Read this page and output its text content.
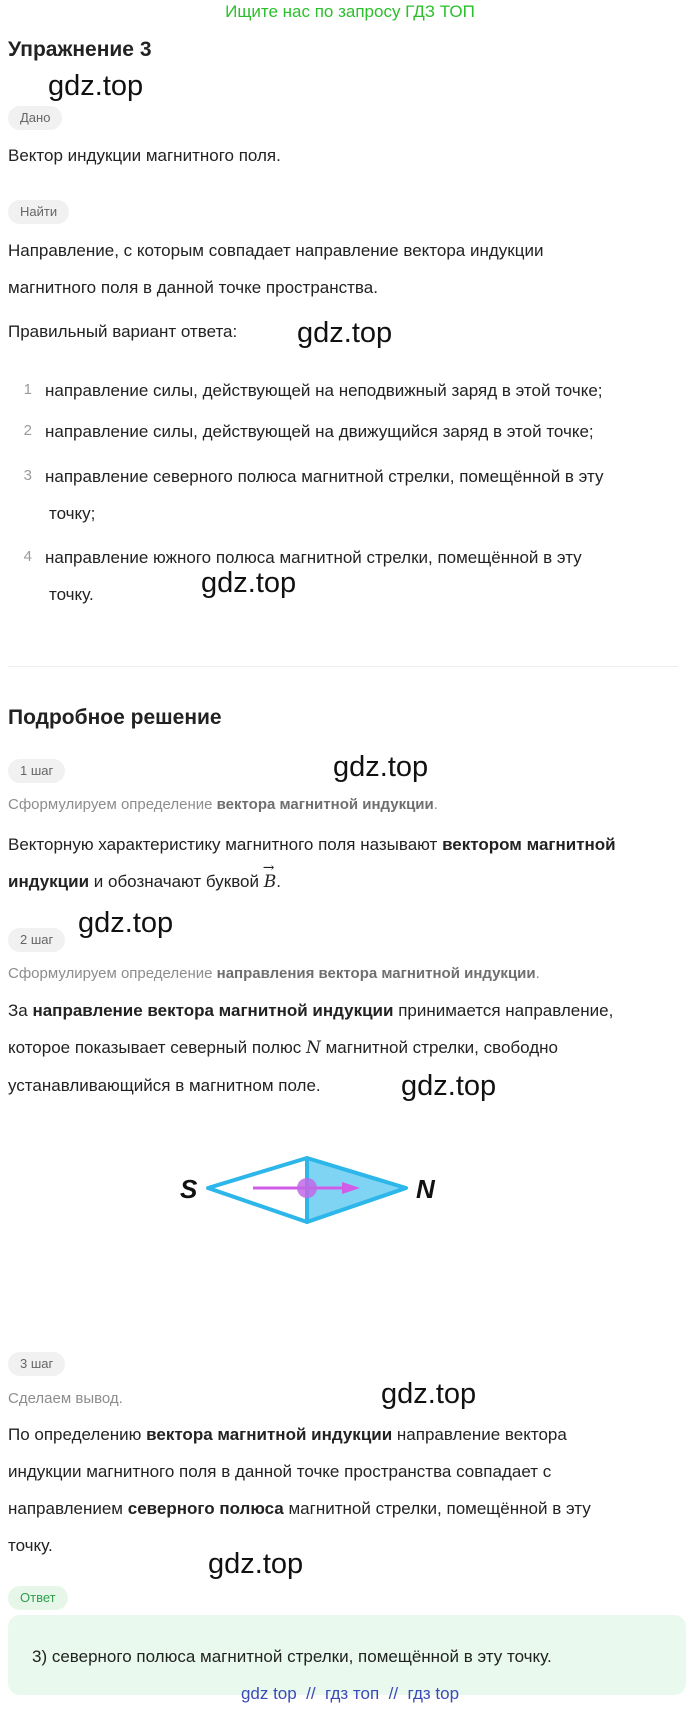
Ищите нас по запросу ГДЗ ТОП
Упражнение 3
gdz.top
Дано
Вектор индукции магнитного поля.
Найти
Направление, с которым совпадает направление вектора индукции
магнитного поля в данной точке пространства.
Правильный вариант ответа:	gdz.top
1 направление силы, действующей на неподвижный заряд в этой точке;
2 направление силы, действующей на движущийся заряд в этой точке;
3 направление северного полюса магнитной стрелки, помещённой в эту
точку;
4 направление южного полюса магнитной стрелки, помещённой в эту
точку.	gdz.top
Подробное решение
1 шаг	gdz.top
Сформулируем определение вектора магнитной индукции.
Векторную характеристику магнитного поля называют вектором магнитной
индукции и обозначают буквой → B.
2 шаг
gdz.top
Сформулируем определение направления вектора магнитной индукции.
За направление вектора магнитной индукции принимается направление,
которое показывает северный полюс N магнитной стрелки, свободно
устанавливающийся в магнитном поле.	gdz.top
S	N
3 шаг
Сделаем вывод.	gdz.top
По определению вектора магнитной индукции направление вектора
индукции магнитного поля в данной точке пространства совпадает с
направлением северного полюса магнитной стрелки, помещённой в эту
точку.
gdz.top
Ответ
3) северного полюса магнитной стрелки, помещённой в эту точку.
gdz top  //  гдз топ  //  гдз top
